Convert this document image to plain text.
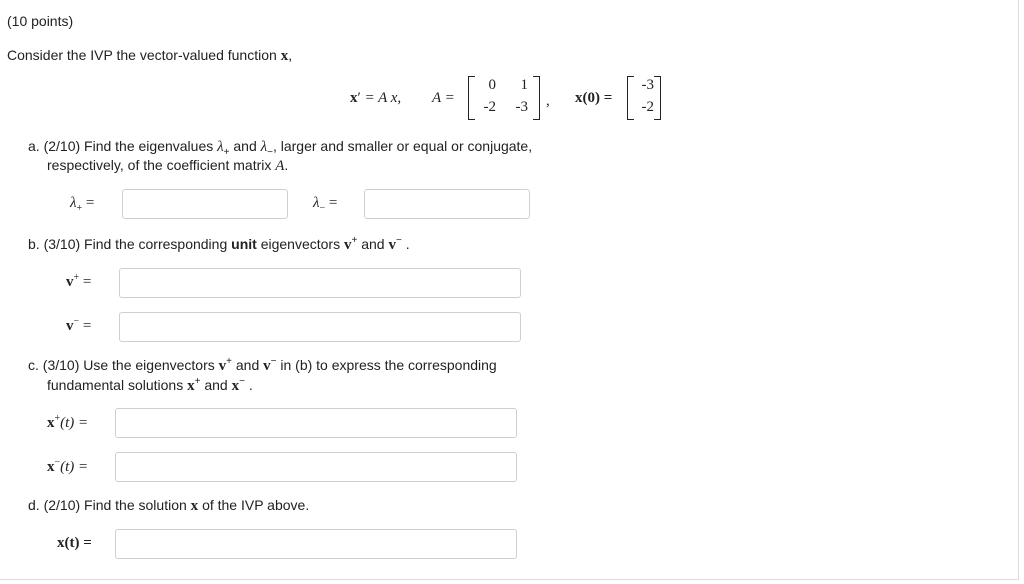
(10 points)
Consider the IVP the vector-valued function x,
x′ = A x, A =
0	1
-2	-3 , x(0) =
-3
-2
a. (2/10) Find the eigenvalues $\lambda_+$ and $\lambda_-$, larger and smaller or equal or conjugate,
respectively, of the coefficient matrix A.
$\lambda_+$ =	$\lambda_-$ =
b. (3/10) Find the corresponding unit eigenvectors v+ and v− .
v+ =
v− =
c. (3/10) Use the eigenvectors v+ and v− in (b) to express the corresponding
fundamental solutions x+ and x− .
x+(t) =
x−(t) =
d. (2/10) Find the solution x of the IVP above.
x(t) =
